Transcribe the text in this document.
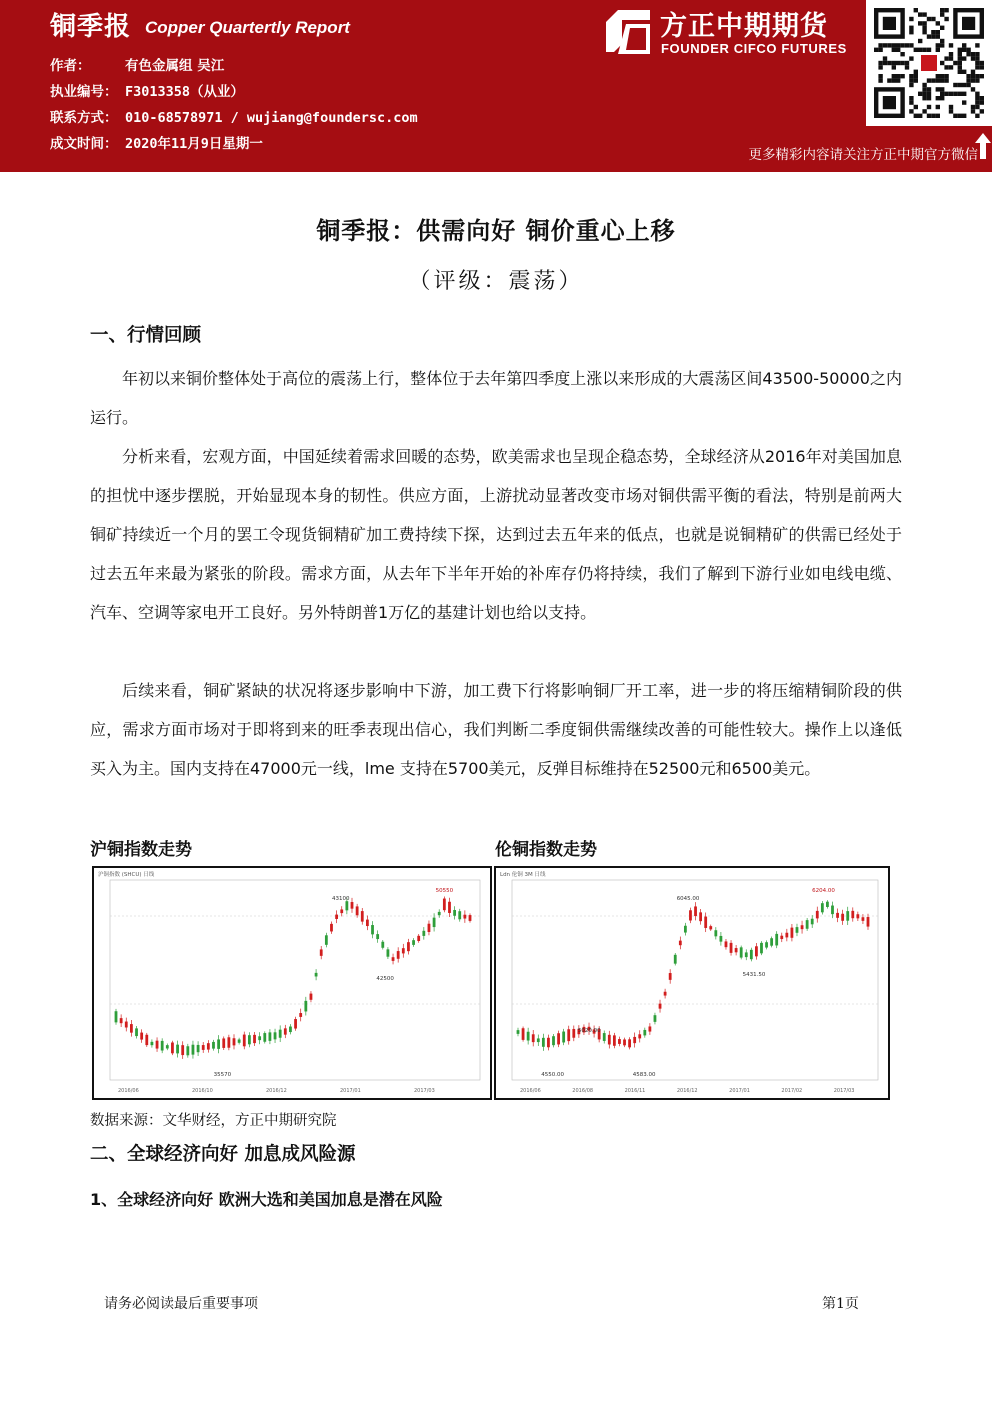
铜季报 Copper Quartertly Report
作者：	有色金属组 吴江
执业编号： F3013358（从业）
联系方式： 010-68578971 / wujiang@foundersc.com
成文时间： 2020年11月9日星期一
方正中期期货
FOUNDER CIFCO FUTURES
更多精彩内容请关注方正中期官方微信
铜季报：供需向好 铜价重心上移
（评级：震荡）
一、行情回顾
年初以来铜价整体处于高位的震荡上行，整体位于去年第四季度上涨以来形成的大震荡区间43500-50000之内运行。
分析来看，宏观方面，中国延续着需求回暖的态势，欧美需求也呈现企稳态势，全球经济从2016年对美国加息的担忧中逐步摆脱，开始显现本身的韧性。供应方面，上游扰动显著改变市场对铜供需平衡的看法，特别是前两大铜矿持续近一个月的罢工令现货铜精矿加工费持续下探，达到过去五年来的低点，也就是说铜精矿的供需已经处于过去五年来最为紧张的阶段。需求方面，从去年下半年开始的补库存仍将持续，我们了解到下游行业如电线电缆、汽车、空调等家电开工良好。另外特朗普1万亿的基建计划也给以支持。
后续来看，铜矿紧缺的状况将逐步影响中下游，加工费下行将影响铜厂开工率，进一步的将压缩精铜阶段的供应，需求方面市场对于即将到来的旺季表现出信心，我们判断二季度铜供需继续改善的可能性较大。操作上以逢低买入为主。国内支持在47000元一线，lme 支持在5700美元，反弹目标维持在52500元和6500美元。
沪铜指数走势	伦铜指数走势
沪铜指数 (SHCU) 日线
50550
43100
42500
35570
2016/06	2016/10	2016/12	2017/01	2017/03
Ldn 伦铜 3M 日线
6204.00
6045.00
5431.50
5020.00
4583.00
4550.00
2016/06	2016/08	2016/11	2016/12	2017/01	2017/02	2017/03
数据来源：文华财经，方正中期研究院
二、全球经济向好 加息成风险源
1、全球经济向好 欧洲大选和美国加息是潜在风险
请务必阅读最后重要事项	第1页
